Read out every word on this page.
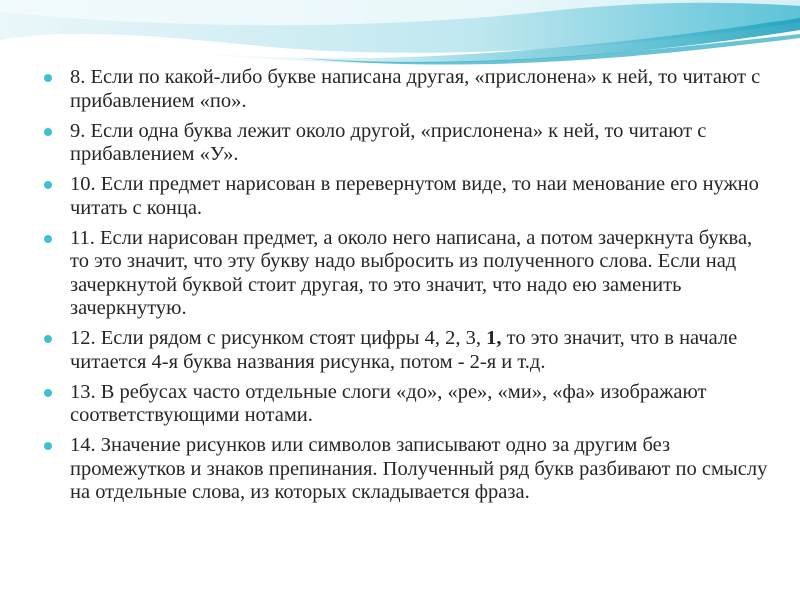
8. Если по какой-либо букве написана другая, «прислонена» к ней, то читают с прибавлением «по».
9. Если одна буква лежит около другой, «прислонена» к ней, то читают с прибавлением «У».
10. Если предмет нарисован в перевернутом виде, то наи менование его нужно читать с конца.
11. Если нарисован предмет, а около него написана, а потом зачеркнута буква, то это значит, что эту букву надо выбросить из полученного слова. Если над зачеркнутой буквой стоит другая, то это значит, что надо ею заменить зачеркнутую.
12. Если рядом с рисунком стоят цифры 4, 2, 3, 1, то это значит, что в начале читается 4-я буква названия рисунка, потом - 2-я и т.д.
13. В ребусах часто отдельные слоги «до», «ре», «ми», «фа» изображают соответствующими нотами.
14. Значение рисунков или символов записывают одно за другим без промежутков и знаков препинания. Полученный ряд букв разбивают по смыслу на отдельные слова, из которых складывается фраза.
